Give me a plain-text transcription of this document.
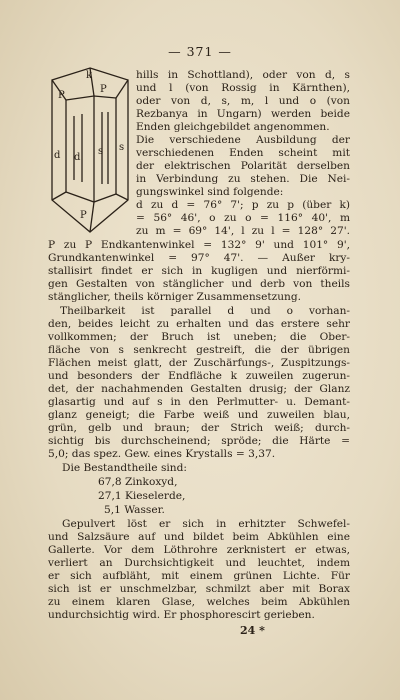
— 371 —
P
P
d d
s s
P
k	hills in Schottland), oder von d, s
und l (von Rossig in Kärnthen),
oder von d, s, m, l und o (von
Rezbanya in Ungarn) werden beide
Enden gleichgebildet angenommen.
Die verschiedene Ausbildung der
verschiedenen Enden scheint mit
der elektrischen Polarität derselben
in Verbindung zu stehen. Die Nei-
gungswinkel sind folgende:
d zu d = 76° 7'; p zu p (über k)
= 56° 46', o zu o = 116° 40', m
zu m = 69° 14', l zu l = 128° 27'.
P zu P Endkantenwinkel = 132° 9' und 101° 9',
Grundkantenwinkel = 97° 47'. — Außer kry-
stallisirt findet er sich in kugligen und nierförmi-
gen Gestalten von stänglicher und derb von theils
stänglicher, theils körniger Zusammensetzung.
Theilbarkeit ist parallel d und o vorhan-
den, beides leicht zu erhalten und das erstere sehr
vollkommen; der Bruch ist uneben; die Ober-
fläche von s senkrecht gestreift, die der übrigen
Flächen meist glatt, der Zuschärfungs-, Zuspitzungs-
und besonders der Endfläche k zuweilen zugerun-
det, der nachahmenden Gestalten drusig; der Glanz
glasartig und auf s in den Perlmutter- u. Demant-
glanz geneigt; die Farbe weiß und zuweilen blau,
grün, gelb und braun; der Strich weiß; durch-
sichtig bis durchscheinend; spröde; die Härte =
5,0; das spez. Gew. eines Krystalls = 3,37.
Die Bestandtheile sind:
67,8 Zinkoxyd,
27,1 Kieselerde,
5,1 Wasser.
Gepulvert löst er sich in erhitzter Schwefel-
und Salzsäure auf und bildet beim Abkühlen eine
Gallerte. Vor dem Löthrohre zerknistert er etwas,
verliert an Durchsichtigkeit und leuchtet, indem
er sich aufbläht, mit einem grünen Lichte. Für
sich ist er unschmelzbar, schmilzt aber mit Borax
zu einem klaren Glase, welches beim Abkühlen
undurchsichtig wird. Er phosphorescirt gerieben.
24 *
